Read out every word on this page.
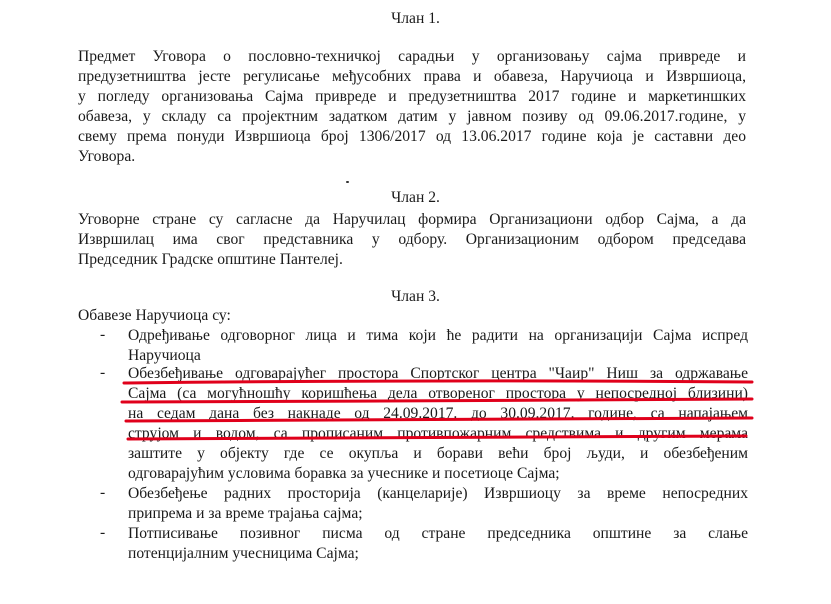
Члан 1.
Предмет Уговора о пословно-техничкој сарадњи у организовању сајма привреде и
предузетништва јесте регулисање међусобних права и обавеза, Наручиоца и Извршиоца,
у погледу организовања Сајма привреде и предузетништва 2017 године и маркетиншких
обавеза, у складу са пројектним задатком датим у јавном позиву од 09.06.2017.године, у
свему према понуди Извршиоца број 1306/2017 од 13.06.2017 године која је саставни део
Уговора.
Члан 2.
Уговорне стране су сагласне да Наручилац формира Организациони одбор Сајма, а да
Извршилац има свог представника у одбору. Организационим одбором председава
Председник Градске општине Пантелеј.
Члан 3.
Обавезе Наручиоца су:
-	Одређивање одговорног лица и тима који ће радити на организацији Сајма испред
Наручиоца
-	Обезбеђивање одговарајућег простора Спортског центра "Чаир" Ниш за одржавање
Сајма (са могућношћу коришћења дела отвореног простора у непосредној близини)
на седам дана без накнаде од 24.09.2017. до 30.09.2017. године, са напајањем
струјом и водом, са прописаним противпожарним средствима и другим мерама
заштите у објекту где се окупља и борави већи број људи, и обезбеђеним
одговарајућим условима боравка за учеснике и посетиоце Сајма;
-	Обезбеђење радних просторија (канцеларије) Извршиоцу за време непосредних
припрема и за време трајања сајма;
-	Потписивање позивног писма од стране председника општине за слање
потенцијалним учесницима Сајма;
